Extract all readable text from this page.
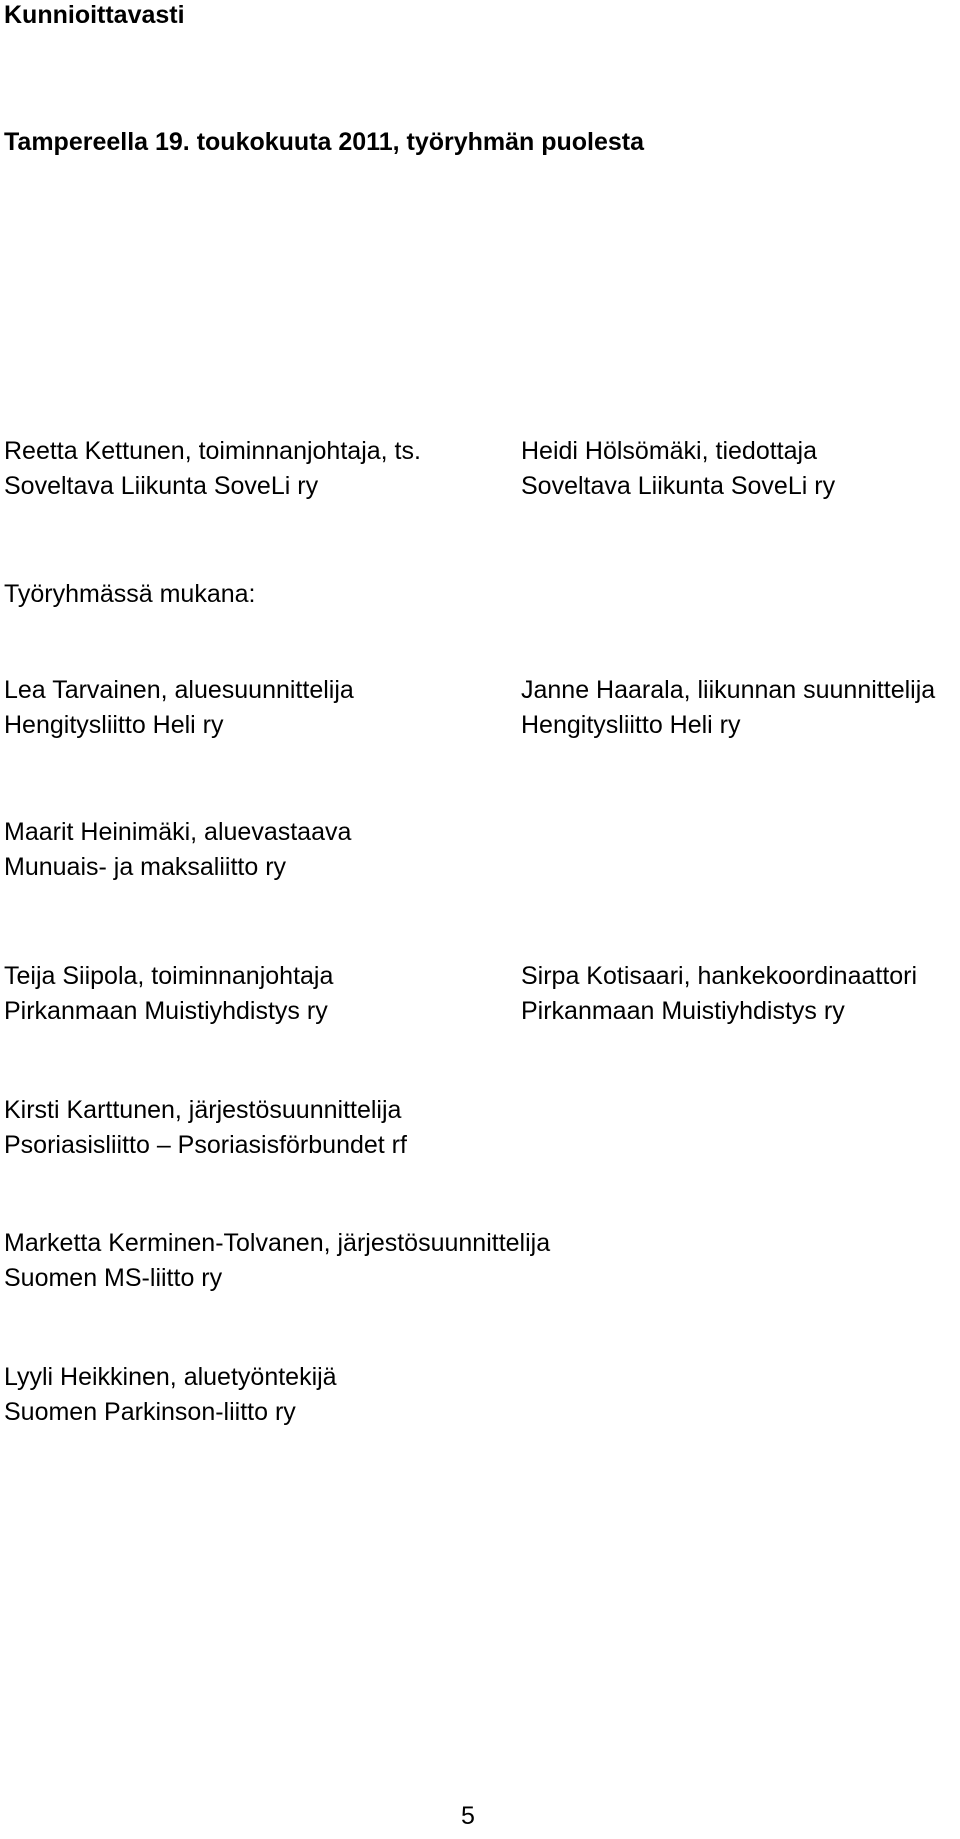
Kunnioittavasti

Tampereella 19. toukokuuta 2011, työryhmän puolesta

Reetta Kettunen, toiminnanjohtaja, ts.
Soveltava Liikunta SoveLi ry
Heidi Hölsömäki, tiedottaja
Soveltava Liikunta SoveLi ry

Työryhmässä mukana:

Lea Tarvainen, aluesuunnittelija
Hengitysliitto Heli ry
Janne Haarala, liikunnan suunnittelija
Hengitysliitto Heli ry
Maarit Heinimäki, aluevastaava
Munuais- ja maksaliitto ry
Teija Siipola, toiminnanjohtaja
Pirkanmaan Muistiyhdistys ry
Sirpa Kotisaari, hankekoordinaattori
Pirkanmaan Muistiyhdistys ry
Kirsti Karttunen, järjestösuunnittelija
Psoriasisliitto – Psoriasisförbundet rf
Marketta Kerminen-Tolvanen, järjestösuunnittelija
Suomen MS-liitto ry
Lyyli Heikkinen, aluetyöntekijä
Suomen Parkinson-liitto ry
5
